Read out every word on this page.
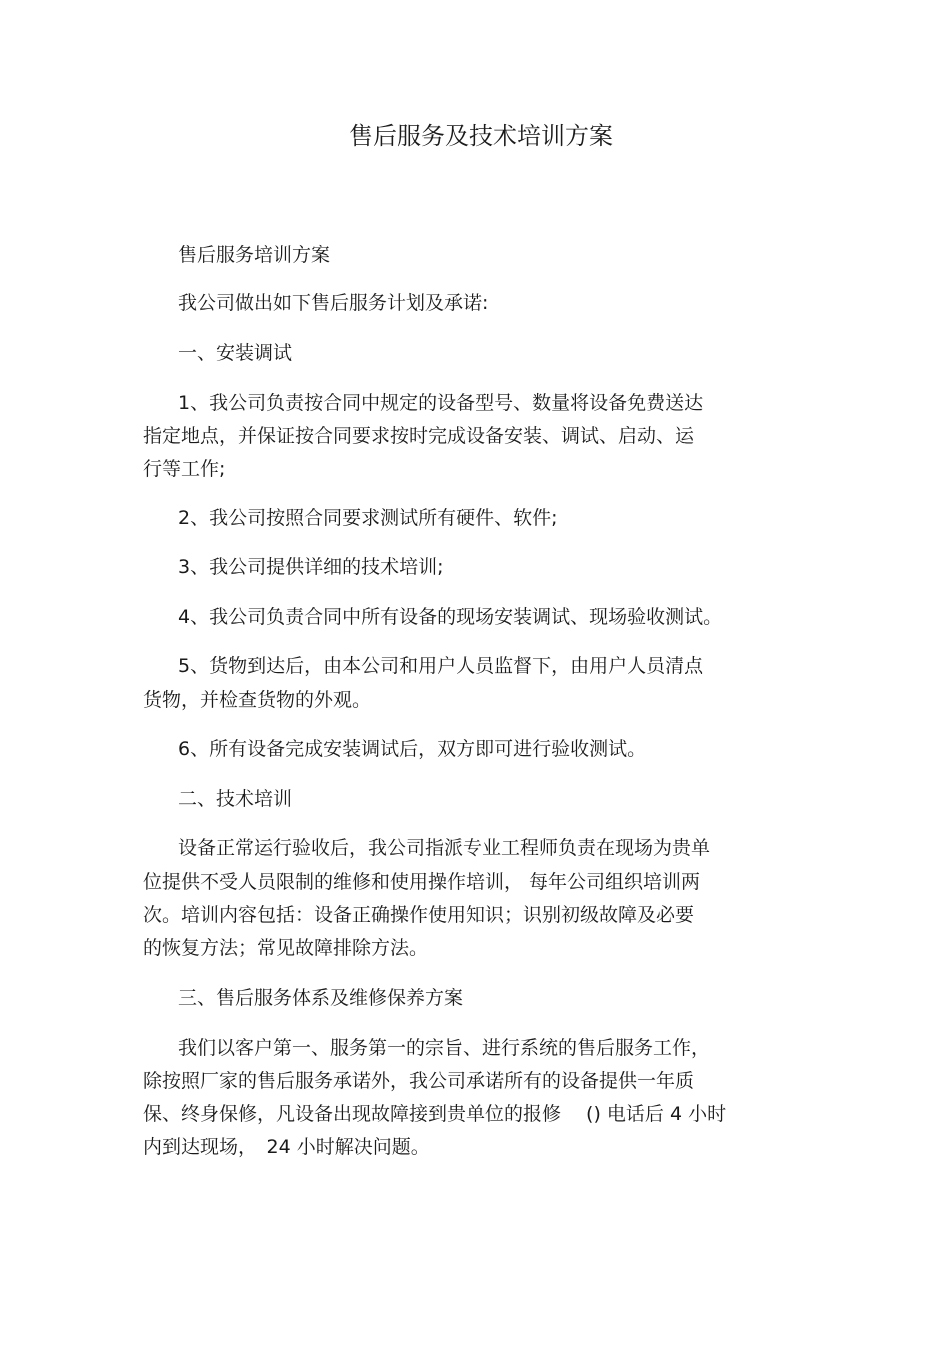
售后服务及技术培训方案

售后服务培训方案

我公司做出如下售后服务计划及承诺:

一、安装调试

1、我公司负责按合同中规定的设备型号、数量将设备免费送达

指定地点，并保证按合同要求按时完成设备安装、调试、启动、运

行等工作;

2、我公司按照合同要求测试所有硬件、软件;

3、我公司提供详细的技术培训;

4、我公司负责合同中所有设备的现场安装调试、现场验收测试。

5、货物到达后，由本公司和用户人员监督下，由用户人员清点

货物，并检查货物的外观。

6、所有设备完成安装调试后，双方即可进行验收测试。

二、技术培训

设备正常运行验收后，我公司指派专业工程师负责在现场为贵单

位提供不受人员限制的维修和使用操作培训， 每年公司组织培训两

次。培训内容包括：设备正确操作使用知识；识别初级故障及必要

的恢复方法；常见故障排除方法。

三、售后服务体系及维修保养方案

我们以客户第一、服务第一的宗旨、进行系统的售后服务工作，

除按照厂家的售后服务承诺外，我公司承诺所有的设备提供一年质

保、终身保修，凡设备出现故障接到贵单位的报修　 () 电话后 4 小时

内到达现场，　24 小时解决问题。
